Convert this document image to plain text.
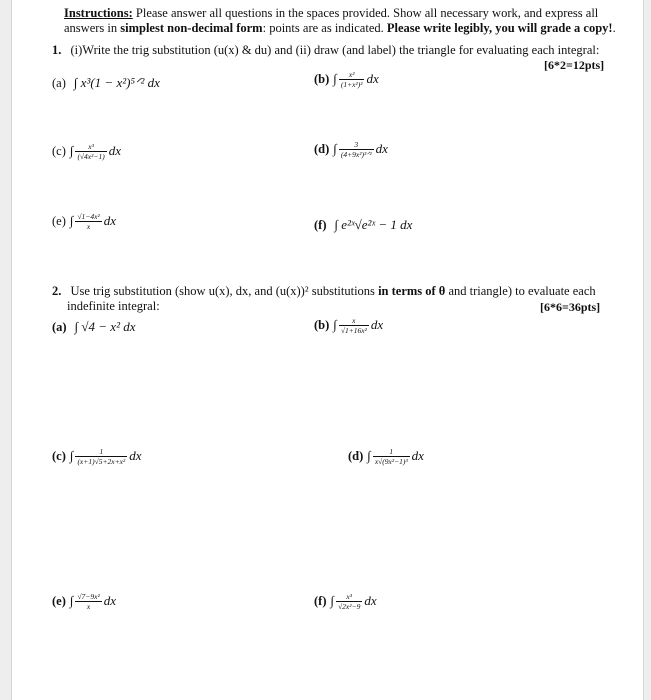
Instructions: Please answer all questions in the spaces provided. Show all necessary work, and express all answers in simplest non-decimal form: points are as indicated. Please write legibly, you will grade a copy!.
1. (i)Write the trig substitution (u(x) & du) and (ii) draw (and label) the triangle for evaluating each integral:
[6*2=12pts]
(a) ∫ x³(1 − x²)⁵ᐟ² dx	(b) ∫ $\frac{\text{x²}}{\text{(1+x²)²}}$ dx
(c) ∫ $\frac{\text{x³}}{\text{(√4x²−1)}}$ dx	(d) ∫ $\frac{3}{\text{(4+9x²)³ᐟ²}}$ dx
(e) ∫ $\frac{\text{√1−4x²}}{x}$ dx	(f) ∫ e²ˣ√e²ˣ − 1 dx
2. Use trig substitution (show u(x), dx, and (u(x))² substitutions in terms of θ and triangle) to evaluate each
indefinite integral:	[6*6=36pts]
(a) ∫ √4 − x² dx	(b) ∫ $\frac{x}{\text{√1+16x²}}$ dx
(c) ∫ $\frac{1}{\text{(x+1)√5+2x+x²}}$ dx	(d) ∫ $\frac{1}{\text{x√(9x²−1)³}}$ dx
(e) ∫ $\frac{\text{√7−9x²}}{x}$ dx	(f) ∫ $\frac{\text{x³}}{\text{√2x²−9}}$ dx
